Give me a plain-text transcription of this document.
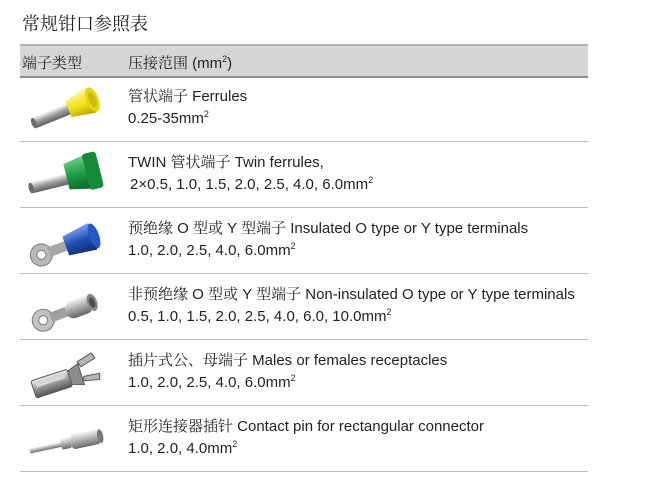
常规钳口参照表
端子类型	压接范围 $(mm^2)$
管状端子 Ferrules
$0.25-35mm^2$
TWIN 管状端子 Twin ferrules,
2×0.5, 1.0, 1.5, 2.0, 2.5, 4.0, $6.0mm^2$
预绝缘 O 型或 Y 型端子 Insulated O type or Y type terminals
1.0, 2.0, 2.5, 4.0, $6.0mm^2$
非预绝缘 O 型或 Y 型端子 Non-insulated O type or Y type terminals
0.5, 1.0, 1.5, 2.0, 2.5, 4.0, 6.0, $10.0mm^2$
插片式公、母端子 Males or females receptacles
1.0, 2.0, 2.5, 4.0, $6.0mm^2$
矩形连接器插针 Contact pin for rectangular connector
1.0, 2.0, $4.0mm^2$
